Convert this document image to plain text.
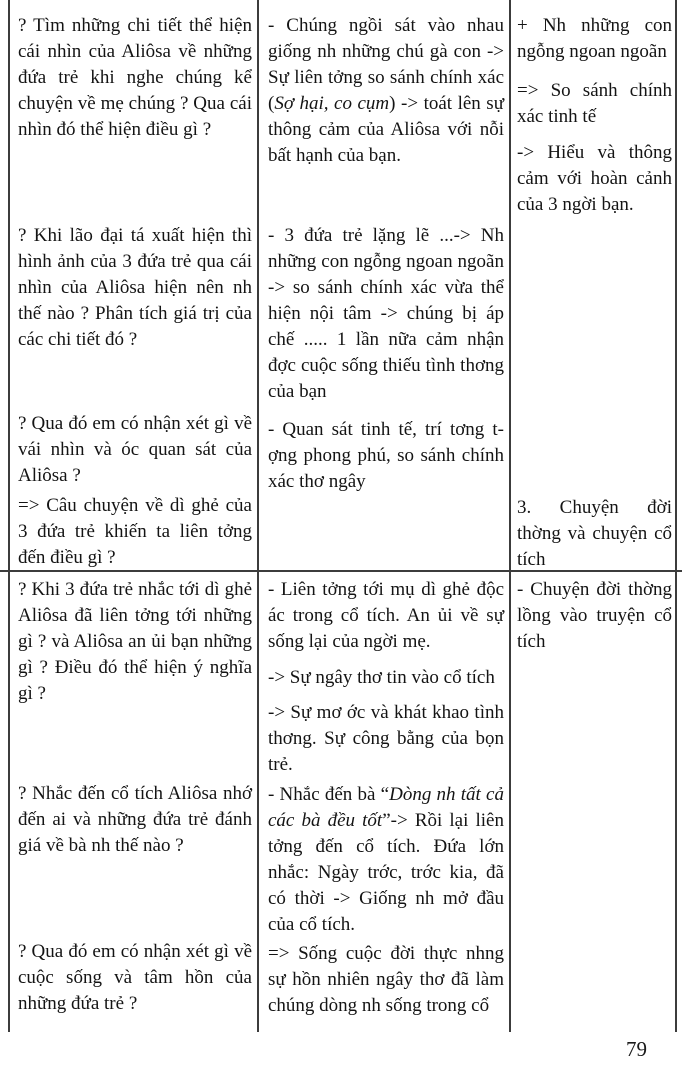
? Tìm những chi tiết thể hiện cái nhìn của Aliôsa về những đứa trẻ khi nghe chúng kể chuyện về mẹ chúng ? Qua cái nhìn đó thể hiện điều gì ?

? Khi lão đại tá xuất hiện thì hình ảnh của 3 đứa trẻ qua cái nhìn của Aliôsa hiện nên nh thế nào ? Phân tích giá trị của các chi tiết đó ?

? Qua đó em có nhận xét gì về vái nhìn và óc quan sát của Aliôsa ?

=> Câu chuyện về dì ghẻ của 3 đứa trẻ khiến ta liên tởng đến điều gì ?

- Chúng ngồi sát vào nhau giống nh những chú gà con -> Sự liên tởng so sánh chính xác (Sợ hại, co cụm) -> toát lên sự thông cảm của Aliôsa với nỗi bất hạnh của bạn.

- 3 đứa trẻ lặng lẽ ...-> Nh những con ngỗng ngoan ngoãn -> so sánh chính xác vừa thể hiện nội tâm -> chúng bị áp chế ..... 1 lần nữa cảm nhận đợc cuộc sống thiếu tình thơng của bạn

- Quan sát tinh tế, trí tơng t-ợng phong phú, so sánh chính xác thơ ngây

+ Nh những con ngỗng ngoan ngoãn

=> So sánh chính xác tinh tế

-> Hiểu và thông cảm với hoàn cảnh của 3 ngời bạn.

3. Chuyện đời thờng và chuyện cổ tích

? Khi 3 đứa trẻ nhắc tới dì ghẻ Aliôsa đã liên tởng tới những gì ? và Aliôsa an ủi bạn những gì ? Điều đó thể hiện ý nghĩa gì ?

? Nhắc đến cổ tích Aliôsa nhớ đến ai và những đứa trẻ đánh giá về bà nh thế nào ?

? Qua đó em có nhận xét gì về cuộc sống và tâm hồn của những đứa trẻ ?

- Liên tởng tới mụ dì ghẻ độc ác trong cổ tích. An ủi về sự sống lại của ngời mẹ.

-> Sự ngây thơ tin vào cổ tích

-> Sự mơ ớc và khát khao tình thơng. Sự công bằng của bọn trẻ.

- Nhắc đến bà “Dòng nh tất cả các bà đều tốt”-> Rồi lại liên tởng đến cổ tích. Đứa lớn nhắc: Ngày trớc, trớc kia, đã có thời -> Giống nh mở đầu của cổ tích.

=> Sống cuộc đời thực nhng sự hồn nhiên ngây thơ đã làm chúng dòng nh sống trong cổ

- Chuyện đời thờng lồng vào truyện cổ tích

79
